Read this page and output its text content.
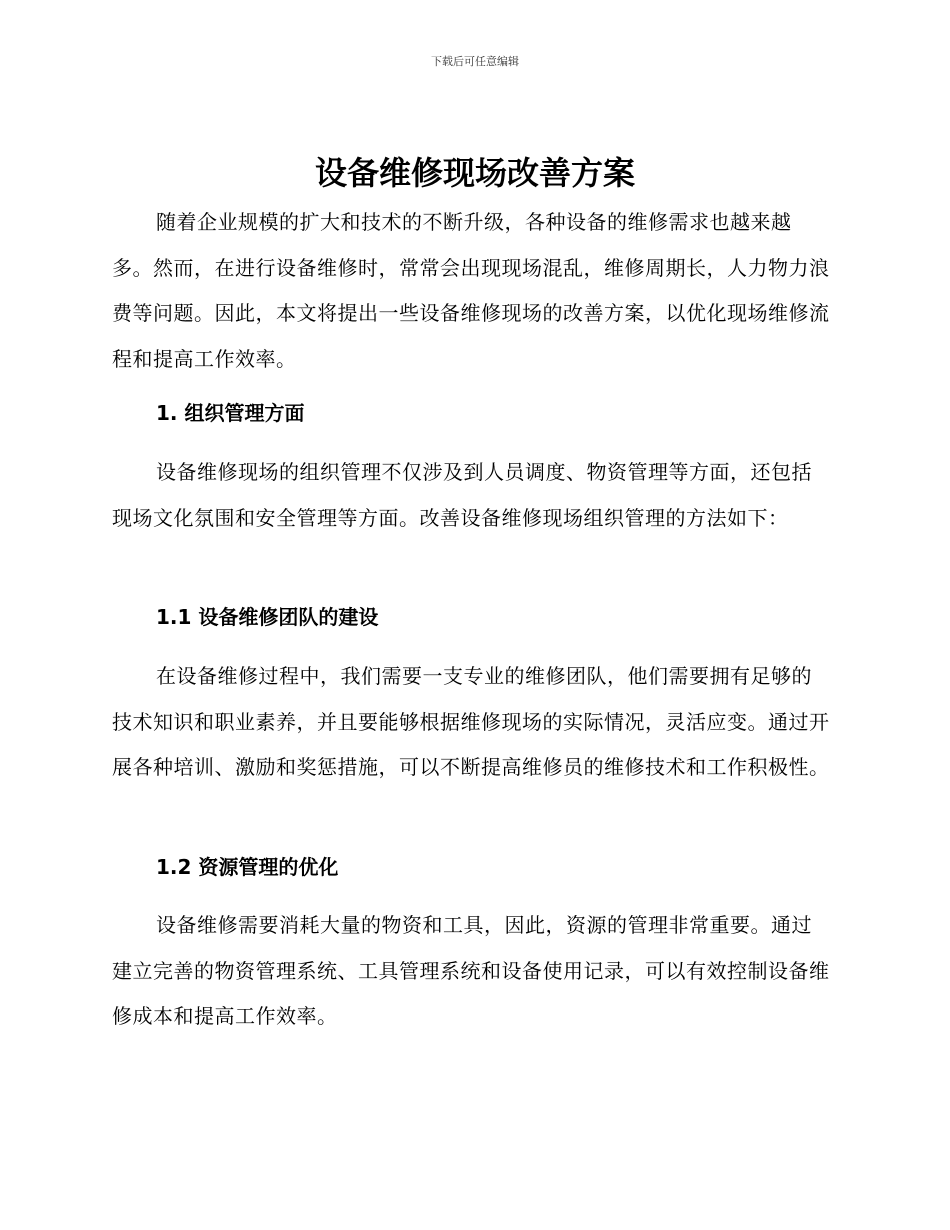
下载后可任意编辑
设备维修现场改善方案

随着企业规模的扩大和技术的不断升级，各种设备的维修需求也越来越多。然而，在进行设备维修时，常常会出现现场混乱，维修周期长，人力物力浪费等问题。因此，本文将提出一些设备维修现场的改善方案，以优化现场维修流程和提高工作效率。

1. 组织管理方面

设备维修现场的组织管理不仅涉及到人员调度、物资管理等方面，还包括现场文化氛围和安全管理等方面。改善设备维修现场组织管理的方法如下：

1.1 设备维修团队的建设

在设备维修过程中，我们需要一支专业的维修团队，他们需要拥有足够的技术知识和职业素养，并且要能够根据维修现场的实际情况，灵活应变。通过开展各种培训、激励和奖惩措施，可以不断提高维修员的维修技术和工作积极性。

1.2 资源管理的优化

设备维修需要消耗大量的物资和工具，因此，资源的管理非常重要。通过建立完善的物资管理系统、工具管理系统和设备使用记录，可以有效控制设备维修成本和提高工作效率。
